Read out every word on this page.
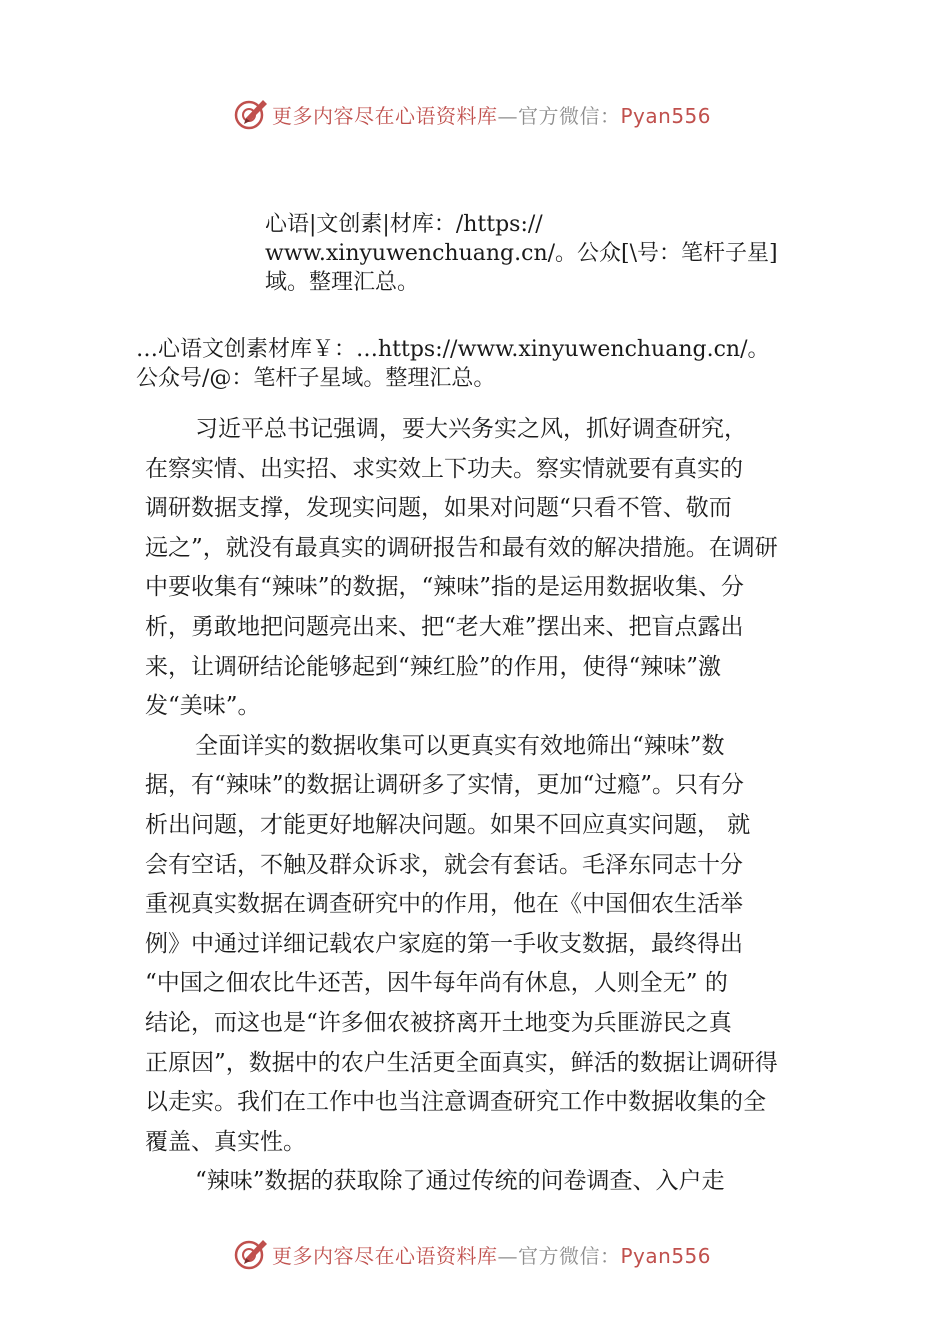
更多内容尽在心语资料库—官方微信：Pyan556
心语|文创素|材库：/https://
www.xinyuwenchuang.cn/。公众[\号：笔杆子星]
域。整理汇总。
…心语文创素材库￥：…https://www.xinyuwenchuang.cn/。
公众号/@：笔杆子星域。整理汇总。
习近平总书记强调，要大兴务实之风，抓好调查研究，
在察实情、出实招、求实效上下功夫。察实情就要有真实的
调研数据支撑，发现实问题，如果对问题“只看不管、敬而
远之”，就没有最真实的调研报告和最有效的解决措施。在调研
中要收集有“辣味”的数据，“辣味”指的是运用数据收集、分
析，勇敢地把问题亮出来、把“老大难”摆出来、把盲点露出
来，让调研结论能够起到“辣红脸”的作用，使得“辣味”激
发“美味”。
全面详实的数据收集可以更真实有效地筛出“辣味”数
据，有“辣味”的数据让调研多了实情，更加“过瘾”。只有分
析出问题，才能更好地解决问题。如果不回应真实问题， 就
会有空话，不触及群众诉求，就会有套话。毛泽东同志十分
重视真实数据在调查研究中的作用，他在《中国佃农生活举
例》中通过详细记载农户家庭的第一手收支数据，最终得出
“中国之佃农比牛还苦，因牛每年尚有休息，人则全无” 的
结论，而这也是“许多佃农被挤离开土地变为兵匪游民之真
正原因”，数据中的农户生活更全面真实，鲜活的数据让调研得
以走实。我们在工作中也当注意调查研究工作中数据收集的全
覆盖、真实性。
“辣味”数据的获取除了通过传统的问卷调查、入户走
更多内容尽在心语资料库—官方微信：Pyan556
